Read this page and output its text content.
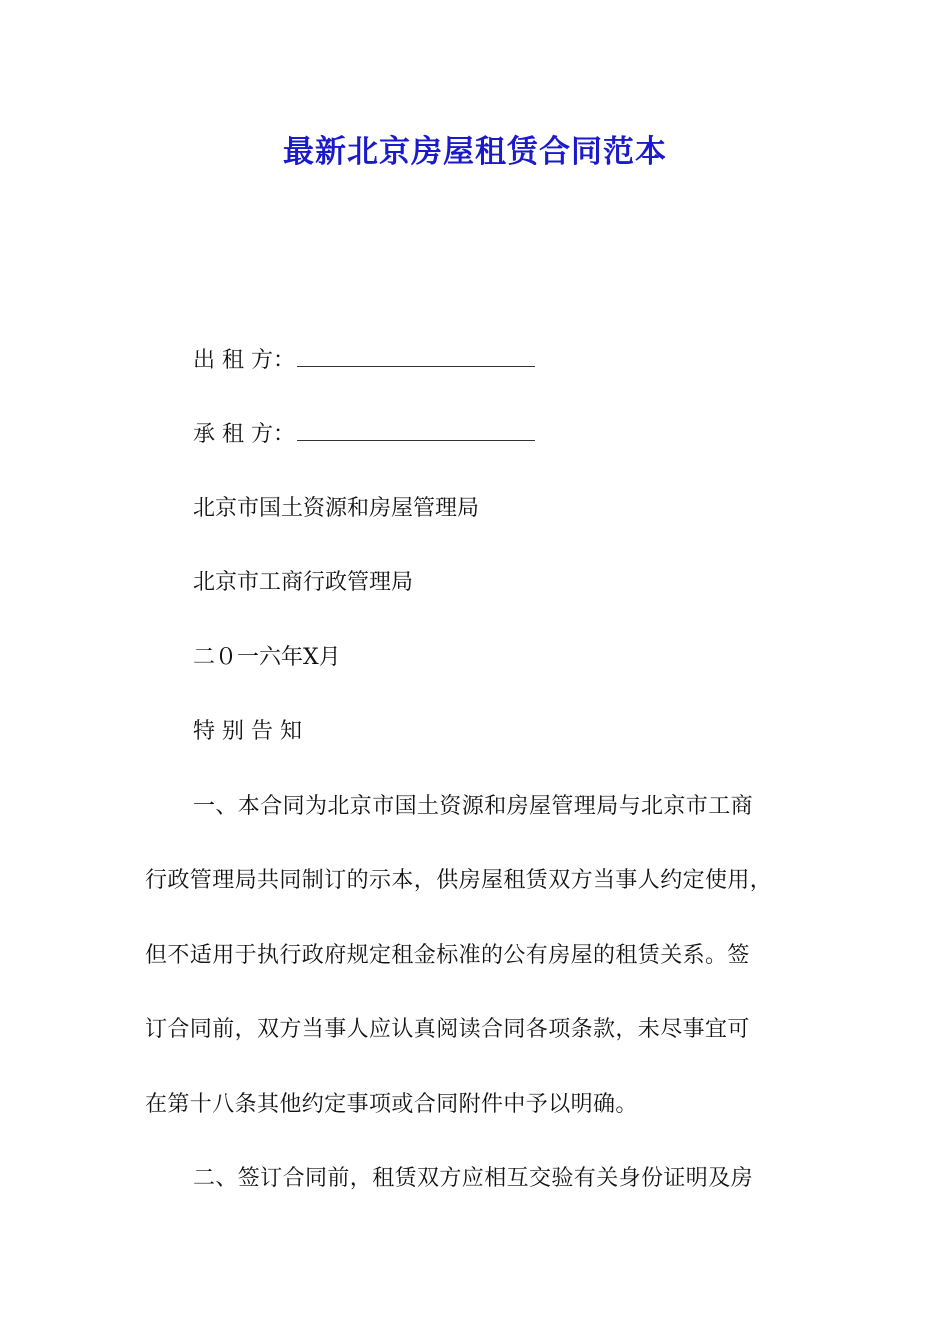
最新北京房屋租赁合同范本
出 租 方：
承 租 方：
北京市国土资源和房屋管理局
北京市工商行政管理局
二０一六年X月
特 别 告 知
一、本合同为北京市国土资源和房屋管理局与北京市工商
行政管理局共同制订的示本，供房屋租赁双方当事人约定使用，
但不适用于执行政府规定租金标准的公有房屋的租赁关系。签
订合同前，双方当事人应认真阅读合同各项条款，未尽事宜可
在第十八条其他约定事项或合同附件中予以明确。
二、签订合同前，租赁双方应相互交验有关身份证明及房
